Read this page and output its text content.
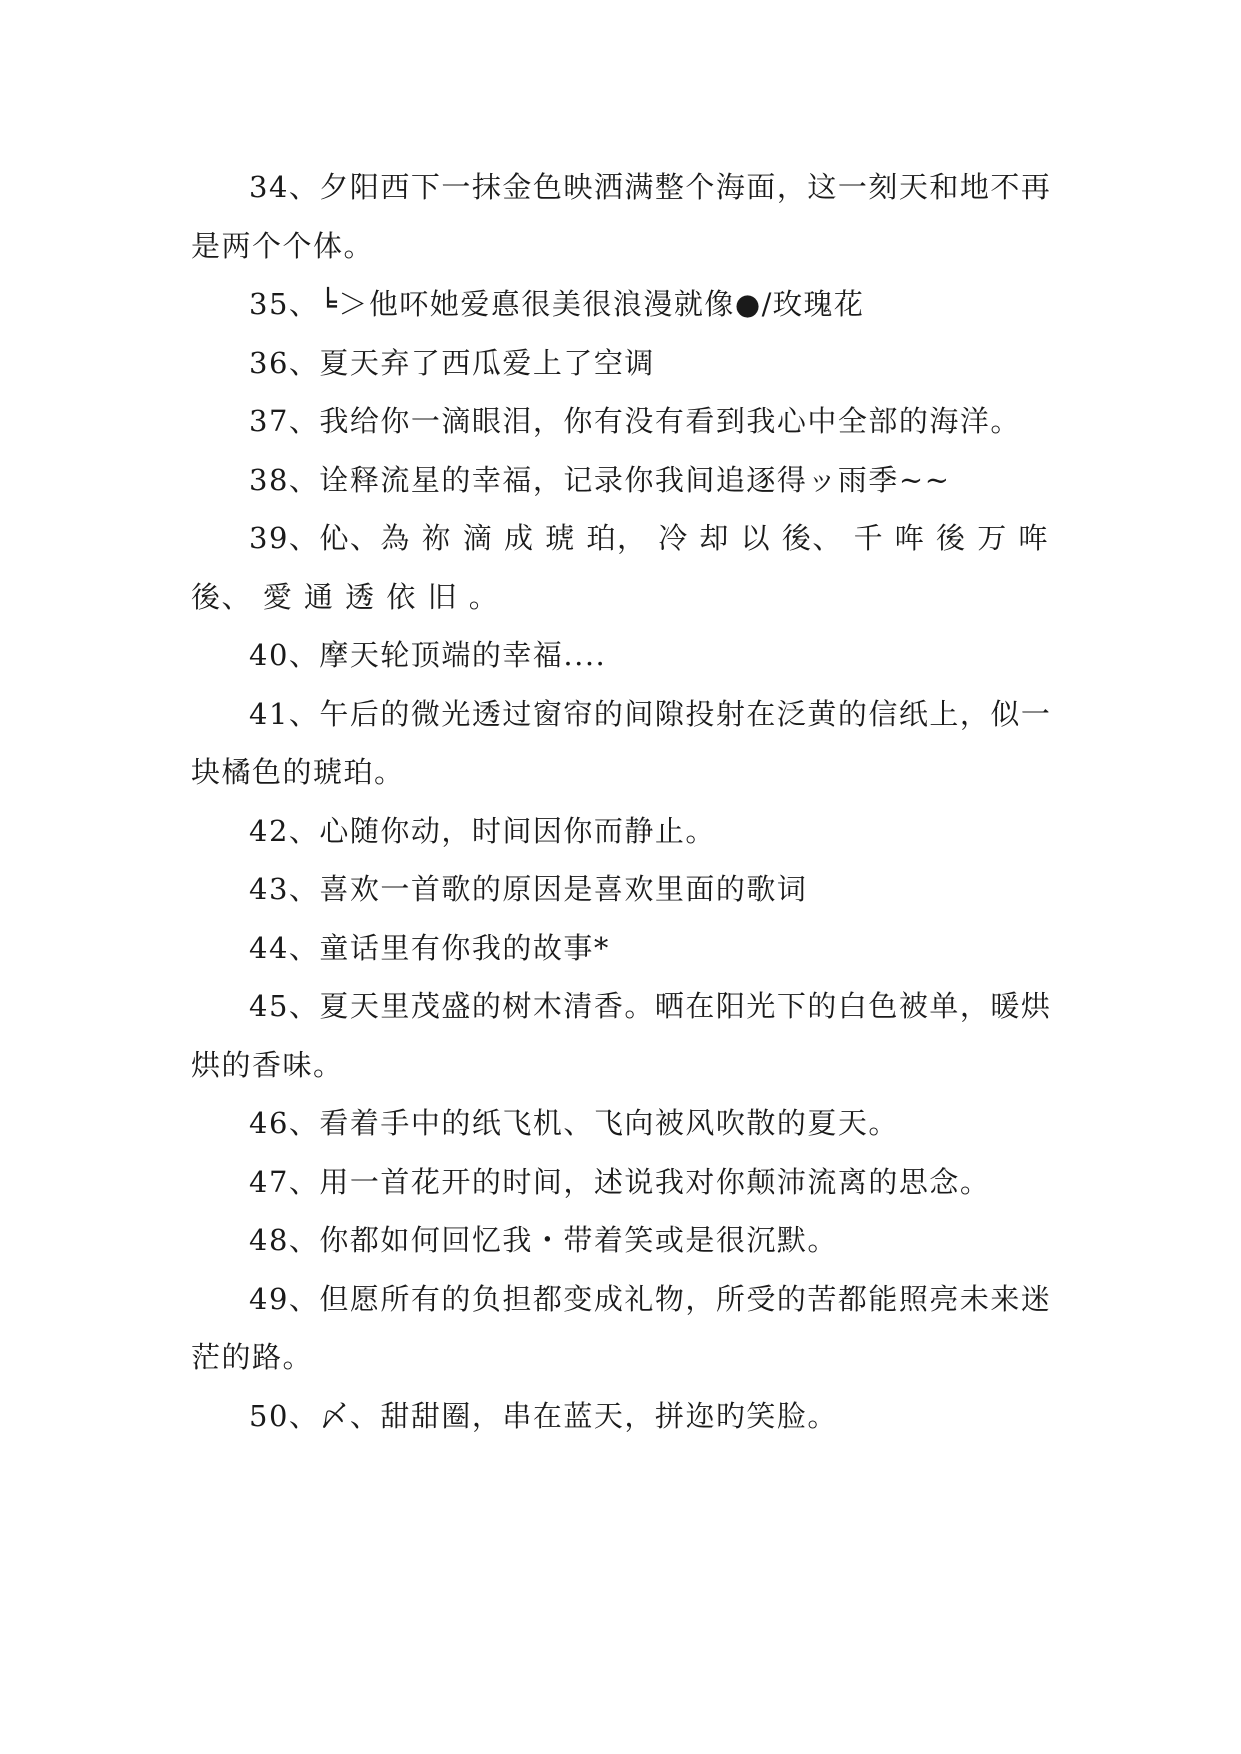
34、夕阳西下一抹金色映洒满整个海面，这一刻天和地不再是两个个体。

35、╘＞他吥她爱悳很美很浪漫就像●/玫瑰花

36、夏天弃了西瓜爱上了空调

37、我给你一滴眼泪，你有没有看到我心中全部的海洋。

38、诠释流星的幸福，记录你我间追逐得ッ雨季~~

39、伈、為 祢 滴 成 琥 珀， 冷 却 以 後、 千 哖 後 万 哖 後、 愛 通 透 依 旧 。

40、摩天轮顶端的幸福....

41、午后的微光透过窗帘的间隙投射在泛黄的信纸上，似一块橘色的琥珀。

42、心随你动，时间因你而静止。

43、喜欢一首歌的原因是喜欢里面的歌词

44、童话里有你我的故事*

45、夏天里茂盛的树木清香。晒在阳光下的白色被单，暖烘烘的香味。

46、看着手中的纸飞机、飞向被风吹散的夏天。

47、用一首花开的时间，述说我对你颠沛流离的思念。

48、你都如何回忆我・带着笑或是很沉默。

49、但愿所有的负担都变成礼物，所受的苦都能照亮未来迷茫的路。

50、〆、甜甜圈，串在蓝天，拼迩旳笑脸。
